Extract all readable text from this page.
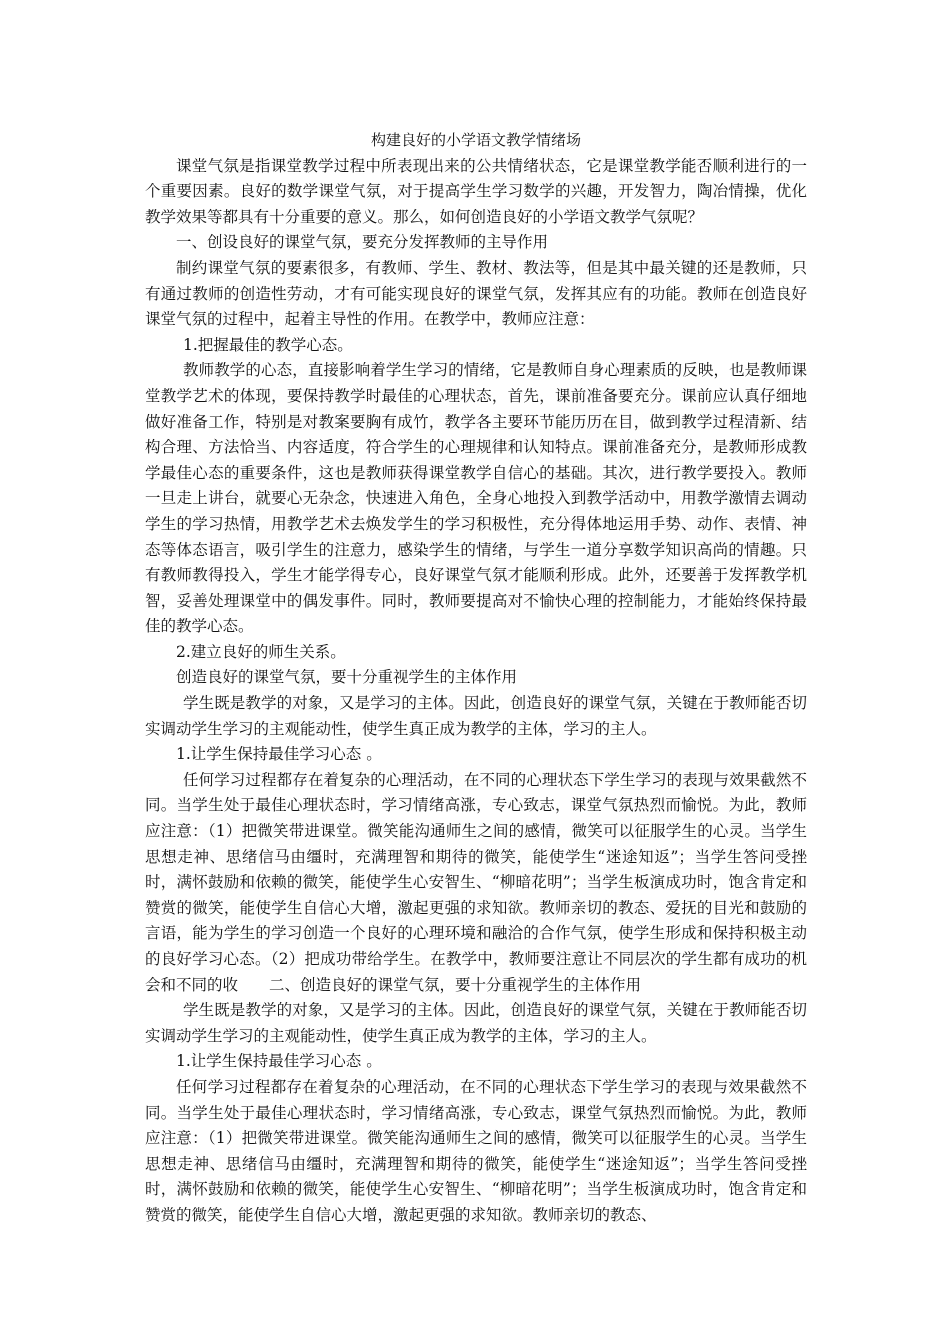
构建良好的小学语文教学情绪场

课堂气氛是指课堂教学过程中所表现出来的公共情绪状态，它是课堂教学能否顺利进行的一个重要因素。良好的数学课堂气氛，对于提高学生学习数学的兴趣，开发智力，陶冶情操，优化教学效果等都具有十分重要的意义。那么，如何创造良好的小学语文教学气氛呢？

一、创设良好的课堂气氛，要充分发挥教师的主导作用

制约课堂气氛的要素很多，有教师、学生、教材、教法等，但是其中最关键的还是教师，只有通过教师的创造性劳动，才有可能实现良好的课堂气氛，发挥其应有的功能。教师在创造良好课堂气氛的过程中，起着主导性的作用。在教学中，教师应注意：

1.把握最佳的教学心态。

教师教学的心态，直接影响着学生学习的情绪，它是教师自身心理素质的反映，也是教师课堂教学艺术的体现，要保持教学时最佳的心理状态，首先，课前准备要充分。课前应认真仔细地做好准备工作，特别是对教案要胸有成竹，教学各主要环节能历历在目，做到教学过程清新、结构合理、方法恰当、内容适度，符合学生的心理规律和认知特点。课前准备充分，是教师形成教学最佳心态的重要条件，这也是教师获得课堂教学自信心的基础。其次，进行教学要投入。教师一旦走上讲台，就要心无杂念，快速进入角色，全身心地投入到教学活动中，用教学激情去调动学生的学习热情，用教学艺术去焕发学生的学习积极性，充分得体地运用手势、动作、表情、神态等体态语言，吸引学生的注意力，感染学生的情绪，与学生一道分享数学知识高尚的情趣。只有教师教得投入，学生才能学得专心，良好课堂气氛才能顺利形成。此外，还要善于发挥教学机智，妥善处理课堂中的偶发事件。同时，教师要提高对不愉快心理的控制能力，才能始终保持最佳的教学心态。

2.建立良好的师生关系。

创造良好的课堂气氛，要十分重视学生的主体作用

学生既是教学的对象，又是学习的主体。因此，创造良好的课堂气氛，关键在于教师能否切实调动学生学习的主观能动性，使学生真正成为教学的主体，学习的主人。

1.让学生保持最佳学习心态 。

任何学习过程都存在着复杂的心理活动，在不同的心理状态下学生学习的表现与效果截然不同。当学生处于最佳心理状态时，学习情绪高涨，专心致志，课堂气氛热烈而愉悦。为此，教师应注意：（1）把微笑带进课堂。微笑能沟通师生之间的感情，微笑可以征服学生的心灵。当学生思想走神、思绪信马由缰时，充满理智和期待的微笑，能使学生“迷途知返”；当学生答问受挫时，满怀鼓励和依赖的微笑，能使学生心安智生、“柳暗花明”；当学生板演成功时，饱含肯定和赞赏的微笑，能使学生自信心大增，激起更强的求知欲。教师亲切的教态、爱抚的目光和鼓励的言语，能为学生的学习创造一个良好的心理环境和融洽的合作气氛，使学生形成和保持积极主动的良好学习心态。（2）把成功带给学生。在教学中，教师要注意让不同层次的学生都有成功的机会和不同的收　　二、创造良好的课堂气氛，要十分重视学生的主体作用

学生既是教学的对象，又是学习的主体。因此，创造良好的课堂气氛，关键在于教师能否切实调动学生学习的主观能动性，使学生真正成为教学的主体，学习的主人。

1.让学生保持最佳学习心态 。

任何学习过程都存在着复杂的心理活动，在不同的心理状态下学生学习的表现与效果截然不同。当学生处于最佳心理状态时，学习情绪高涨，专心致志，课堂气氛热烈而愉悦。为此，教师应注意：（1）把微笑带进课堂。微笑能沟通师生之间的感情，微笑可以征服学生的心灵。当学生思想走神、思绪信马由缰时，充满理智和期待的微笑，能使学生“迷途知返”；当学生答问受挫时，满怀鼓励和依赖的微笑，能使学生心安智生、“柳暗花明”；当学生板演成功时，饱含肯定和赞赏的微笑，能使学生自信心大增，激起更强的求知欲。教师亲切的教态、
